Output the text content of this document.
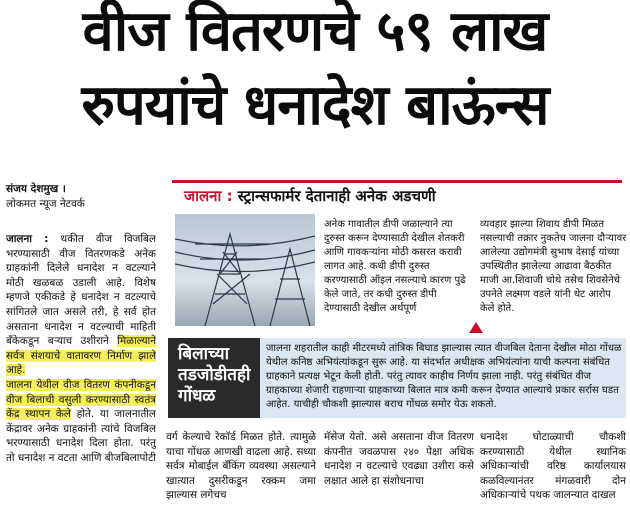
वीज वितरणचे ५९ लाख
रुपयांचे धनादेश बाऊंन्स
संजय देशमुख ।
लोकमत न्यूज नेटवर्क

जालना : थकीत वीज विजबिल भरण्यासाठी वीज वितरणकडे अनेक ग्राहकांनी दिलेले धनादेश न वटल्याने मोठी खळबळ उडाली आहे. विशेष म्हणजे एकीकडे हे धनादेश न वटल्याचे सांगितले जात असले तरी, हे सर्व होत असताना धनादेश न वटल्याची माहिती बँकेकडून बऱ्याच उशीराने मिळाल्याने सर्वत्र संशयाचे वातावरण निर्माण झाले आहे.

जालना येथील वीज वितरण कंपनीकडून वीज बिलाची वसुली करण्यासाठी स्वतंत्र केंद्र स्थापन केले होते. या जालनातील केंद्रावर अनेक ग्राहकांनी त्यांचे विजबिल भरण्यासाठी धनादेश दिला होता. परंतु तो धनादेश न वटता आणि बीजबिलापोटी

जालना : स्ट्रान्सफार्मर देतानाही अनेक अडचणी

अनेक गावातील डीपी जळाल्याने त्या दुरुस्त करून देण्यासाठी देखील शेतकरी आणि गावकऱ्यांना मोठी कसरत करावी लागत आहे. कधी डीपी दुरुस्त करण्यासाठी ऑइल नसल्याचे कारण पुढे केले जाते, तर कधी दुरुस्त डीपी देण्यासाठी देखील अर्थपूर्ण

व्यवहार झाल्या शिवाय डीपी मिळत नसल्याची तक्रार नुकतेच जालना दौऱ्यावर आलेल्या उद्योगमंत्री सुभाष देसाई यांच्या उपस्थितीत झालेल्या आढावा बैठकीत माजी आ.शिवाजी चोथे तसेच शिवसेनेचे उपनेते लक्ष्मण वडले यांनी थेट आरोप केले होते.

बिलाच्या
तडजोडीतही
गोंधळ
जालना शहरातील काही मीटरमध्ये तांत्रिक बिघाड झाल्यास त्यात वीजबिल देताना देखील मोठा गोंधळ येथील कनिष्ठ अभियंत्यांकडून सुरू आहे. या संदर्भात अधीक्षक अभियंत्यांना याची कल्पना संबंधित ग्राहकाने प्रत्यक्ष भेटून केली होती. परंतु त्यावर काहीच निर्णय झाला नाही. परंतु संबंधित वीज ग्राहकाच्या शेजारी राहणाऱ्या ग्राहकाच्या बिलात मात्र कमी करून देण्यात आल्याचे प्रकार सर्रास घडत आहेत. याचीही चौकशी झाल्यास बराच गोंधळ समोर येऊ शकतो.
वर्ग केल्याचे रेकॉर्ड मिळत होते. त्यामुळे याचा गोंधळ आणखी वाढला आहे. सध्या सर्वत्र मोबाईल बँकिंग व्यवस्था असल्याने खात्यात दुसरीकडून रक्कम जमा झाल्यास लगेचच
मॅसेज येतो. असे असताना वीज वितरण कंपनीत जवळपास २४० पेक्षा अधिक धनादेश न वटल्याचे एवढ्या उशीरा कसे लक्षात आले हा संशोधनाचा
धनादेश घोटाळ्याची चौकशी करण्यासाठी येथील स्थानिक अधिकाऱ्यांची वरिष्ठ कार्यालयास कळविल्यानंतर मंगळवारी दोन अधिकाऱ्यांचे पथक जालन्यात दाखल
